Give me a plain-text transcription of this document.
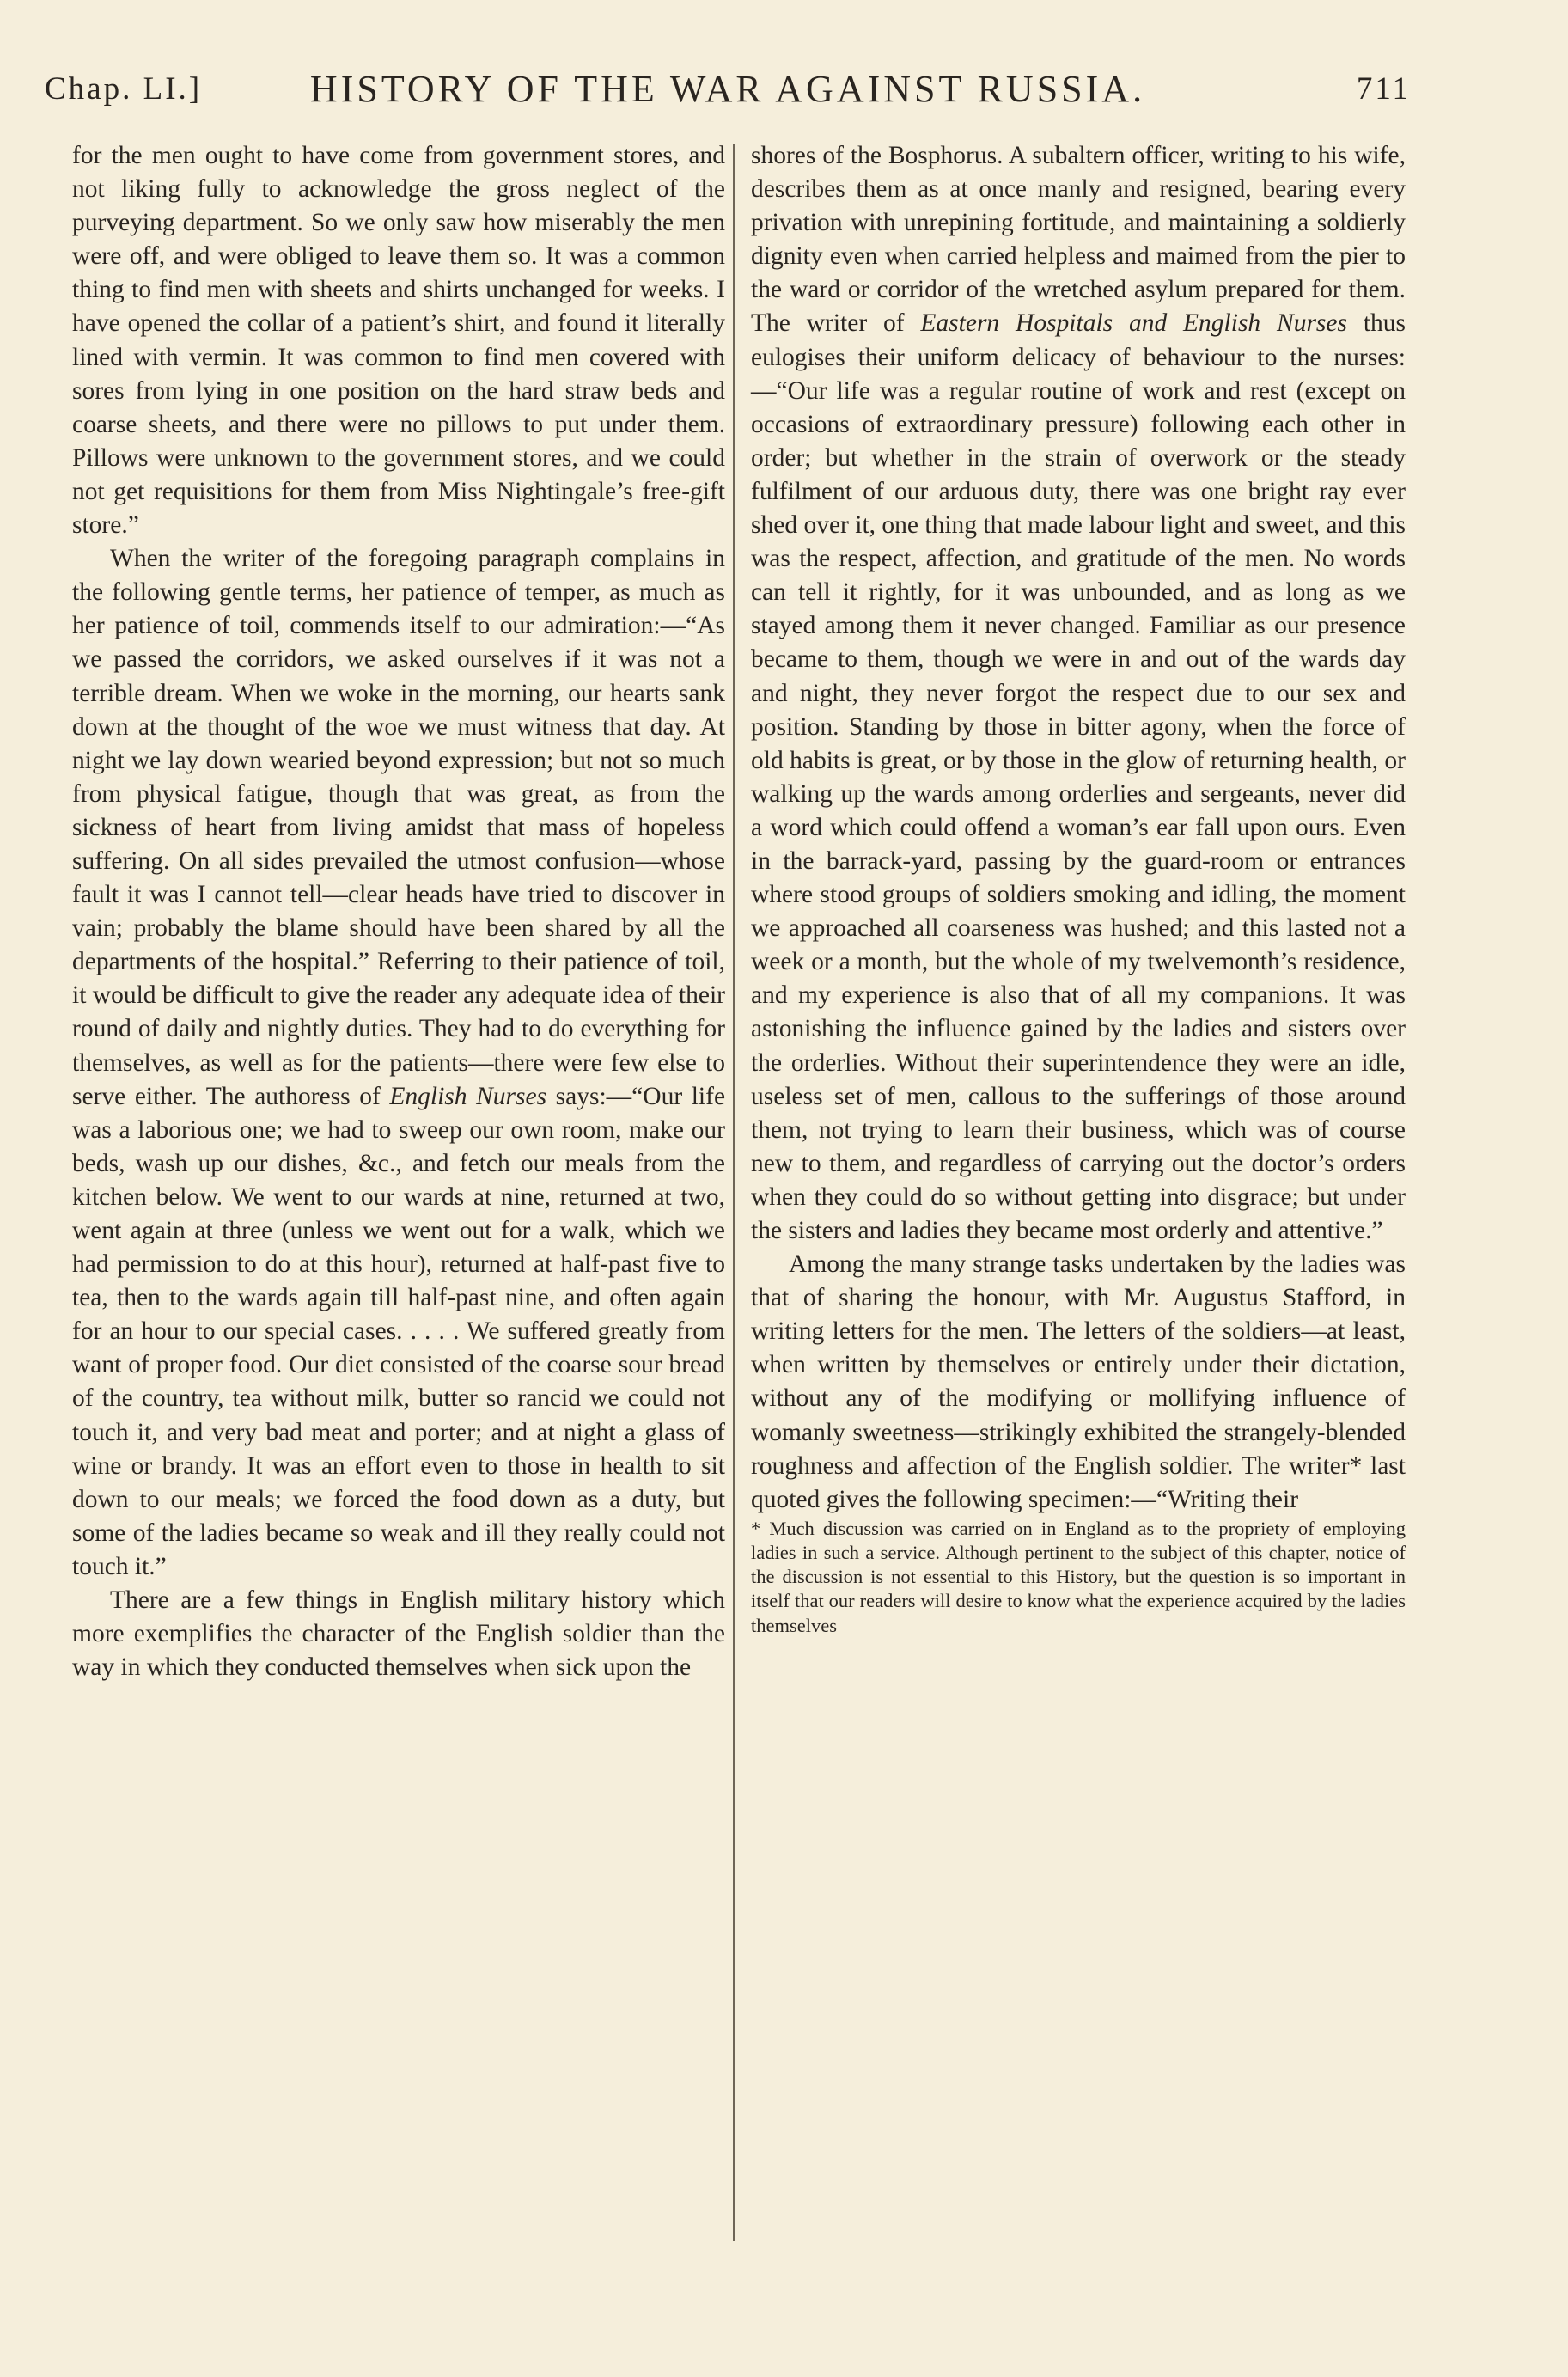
Chap. LI.]	HISTORY OF THE WAR AGAINST RUSSIA.	711

for the men ought to have come from government stores, and not liking fully to acknowledge the gross neglect of the purveying department. So we only saw how miserably the men were off, and were obliged to leave them so. It was a common thing to find men with sheets and shirts unchanged for weeks. I have opened the collar of a patient’s shirt, and found it literally lined with vermin. It was common to find men covered with sores from lying in one position on the hard straw beds and coarse sheets, and there were no pillows to put under them. Pillows were unknown to the government stores, and we could not get requisitions for them from Miss Nightingale’s free-gift store.”

When the writer of the foregoing paragraph complains in the following gentle terms, her patience of temper, as much as her patience of toil, commends itself to our admiration:—“As we passed the corridors, we asked ourselves if it was not a terrible dream. When we woke in the morning, our hearts sank down at the thought of the woe we must witness that day. At night we lay down wearied beyond expression; but not so much from physical fatigue, though that was great, as from the sickness of heart from living amidst that mass of hopeless suffering. On all sides prevailed the utmost confusion—whose fault it was I cannot tell—clear heads have tried to discover in vain; probably the blame should have been shared by all the departments of the hospital.” Referring to their patience of toil, it would be difficult to give the reader any adequate idea of their round of daily and nightly duties. They had to do everything for themselves, as well as for the patients—there were few else to serve either. The authoress of English Nurses says:—“Our life was a laborious one; we had to sweep our own room, make our beds, wash up our dishes, &c., and fetch our meals from the kitchen below. We went to our wards at nine, returned at two, went again at three (unless we went out for a walk, which we had permission to do at this hour), returned at half-past five to tea, then to the wards again till half-past nine, and often again for an hour to our special cases. . . . . We suffered greatly from want of proper food. Our diet consisted of the coarse sour bread of the country, tea without milk, butter so rancid we could not touch it, and very bad meat and porter; and at night a glass of wine or brandy. It was an effort even to those in health to sit down to our meals; we forced the food down as a duty, but some of the ladies became so weak and ill they really could not touch it.”

There are a few things in English military history which more exemplifies the character of the English soldier than the way in which they conducted themselves when sick upon the

shores of the Bosphorus. A subaltern officer, writing to his wife, describes them as at once manly and resigned, bearing every privation with unrepining fortitude, and maintaining a soldierly dignity even when carried helpless and maimed from the pier to the ward or corridor of the wretched asylum prepared for them. The writer of Eastern Hospitals and English Nurses thus eulogises their uniform delicacy of behaviour to the nurses:—“Our life was a regular routine of work and rest (except on occasions of extraordinary pressure) following each other in order; but whether in the strain of overwork or the steady fulfilment of our arduous duty, there was one bright ray ever shed over it, one thing that made labour light and sweet, and this was the respect, affection, and gratitude of the men. No words can tell it rightly, for it was unbounded, and as long as we stayed among them it never changed. Familiar as our presence became to them, though we were in and out of the wards day and night, they never forgot the respect due to our sex and position. Standing by those in bitter agony, when the force of old habits is great, or by those in the glow of returning health, or walking up the wards among orderlies and sergeants, never did a word which could offend a woman’s ear fall upon ours. Even in the barrack-yard, passing by the guard-room or entrances where stood groups of soldiers smoking and idling, the moment we approached all coarseness was hushed; and this lasted not a week or a month, but the whole of my twelvemonth’s residence, and my experience is also that of all my companions. It was astonishing the influence gained by the ladies and sisters over the orderlies. Without their superintendence they were an idle, useless set of men, callous to the sufferings of those around them, not trying to learn their business, which was of course new to them, and regardless of carrying out the doctor’s orders when they could do so without getting into disgrace; but under the sisters and ladies they became most orderly and attentive.”

Among the many strange tasks undertaken by the ladies was that of sharing the honour, with Mr. Augustus Stafford, in writing letters for the men. The letters of the soldiers—at least, when written by themselves or entirely under their dictation, without any of the modifying or mollifying influence of womanly sweetness—strikingly exhibited the strangely-blended roughness and affection of the English soldier. The writer* last quoted gives the following specimen:—“Writing their

* Much discussion was carried on in England as to the propriety of employing ladies in such a service. Although pertinent to the subject of this chapter, notice of the discussion is not essential to this History, but the question is so important in itself that our readers will desire to know what the experience acquired by the ladies themselves
